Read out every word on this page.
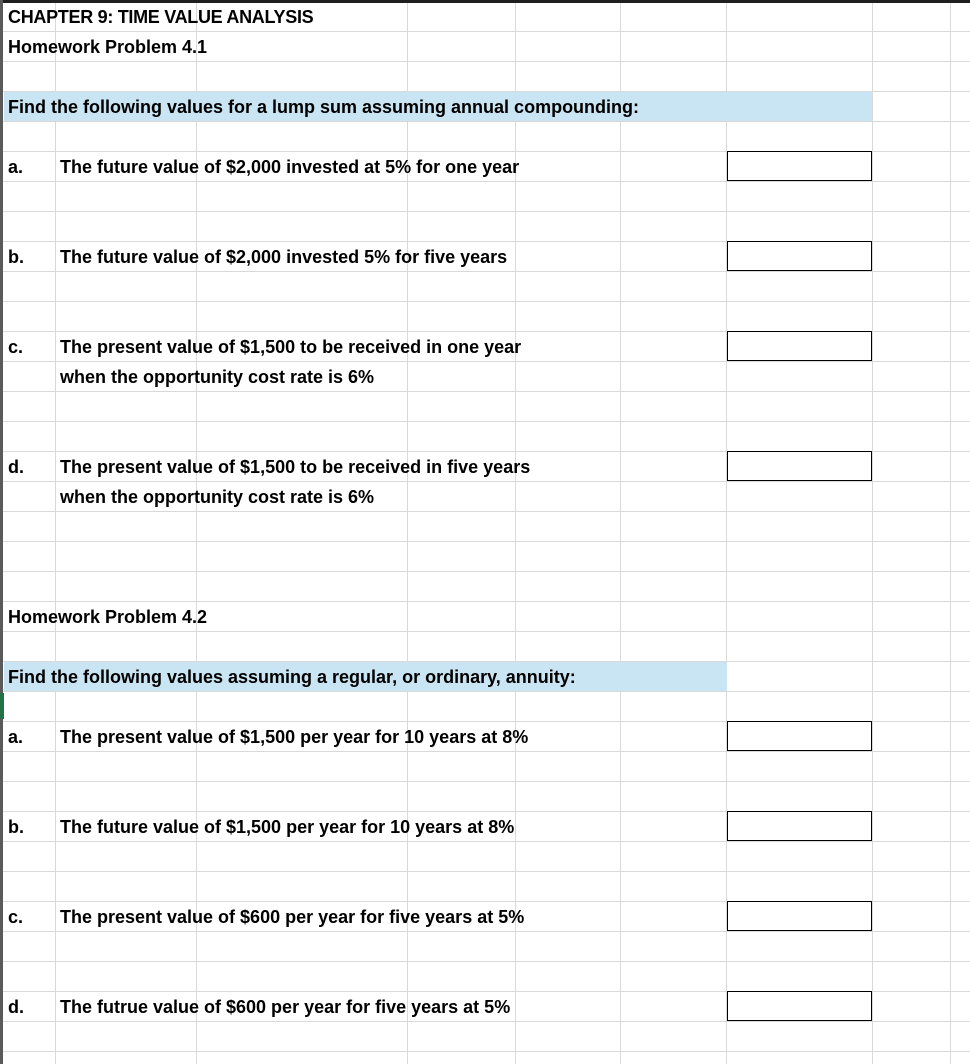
CHAPTER 9: TIME VALUE ANALYSIS
Homework Problem 4.1
Find the following values for a lump sum assuming annual compounding:
a. The future value of $2,000 invested at 5% for one year
b. The future value of $2,000 invested 5% for five years
c. The present value of $1,500 to be received in one year
when the opportunity cost rate is 6%
d. The present value of $1,500 to be received in five years
when the opportunity cost rate is 6%
Homework Problem 4.2
Find the following values assuming a regular, or ordinary, annuity:
a. The present value of $1,500 per year for 10 years at 8%
b. The future value of $1,500 per year for 10 years at 8%
c. The present value of $600 per year for five years at 5%
d. The futrue value of $600 per year for five years at 5%
